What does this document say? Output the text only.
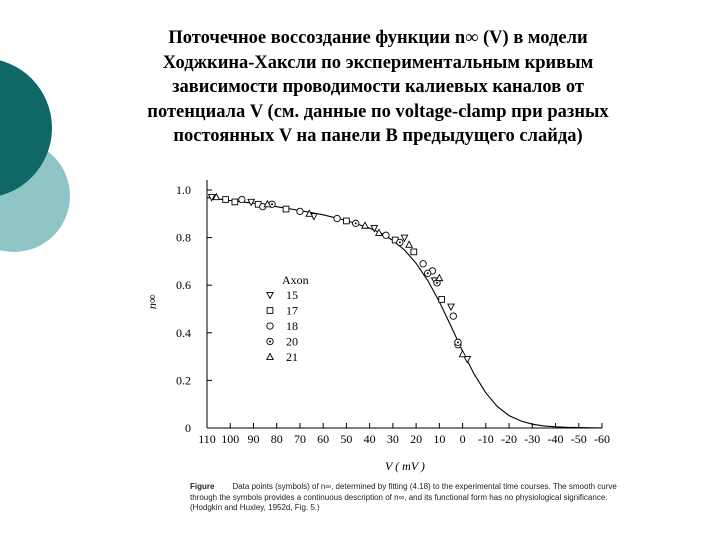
Поточечное воссоздание функции n∞ (V) в модели
Ходжкина-Хаксли по экспериментальным кривым
зависимости проводимости калиевых каналов от
потенциала V (см. данные по voltage-clamp при разных
постоянных V на панели B предыдущего слайда)
0
0.2
0.4
0.6
0.8
1.0
110 100 90 80 70 60 50 40 30 20 10 0 -10 -20 -30 -40 -50 -60
V ( mV )
n∞
Axon
15
17
18
20
21
Figure Data points (symbols) of n∞, determined by fitting (4.18) to the experimental time courses. The smooth curve through the symbols provides a continuous description of n∞, and its functional form has no physiological significance. (Hodgkin and Huxley, 1952d, Fig. 5.)
